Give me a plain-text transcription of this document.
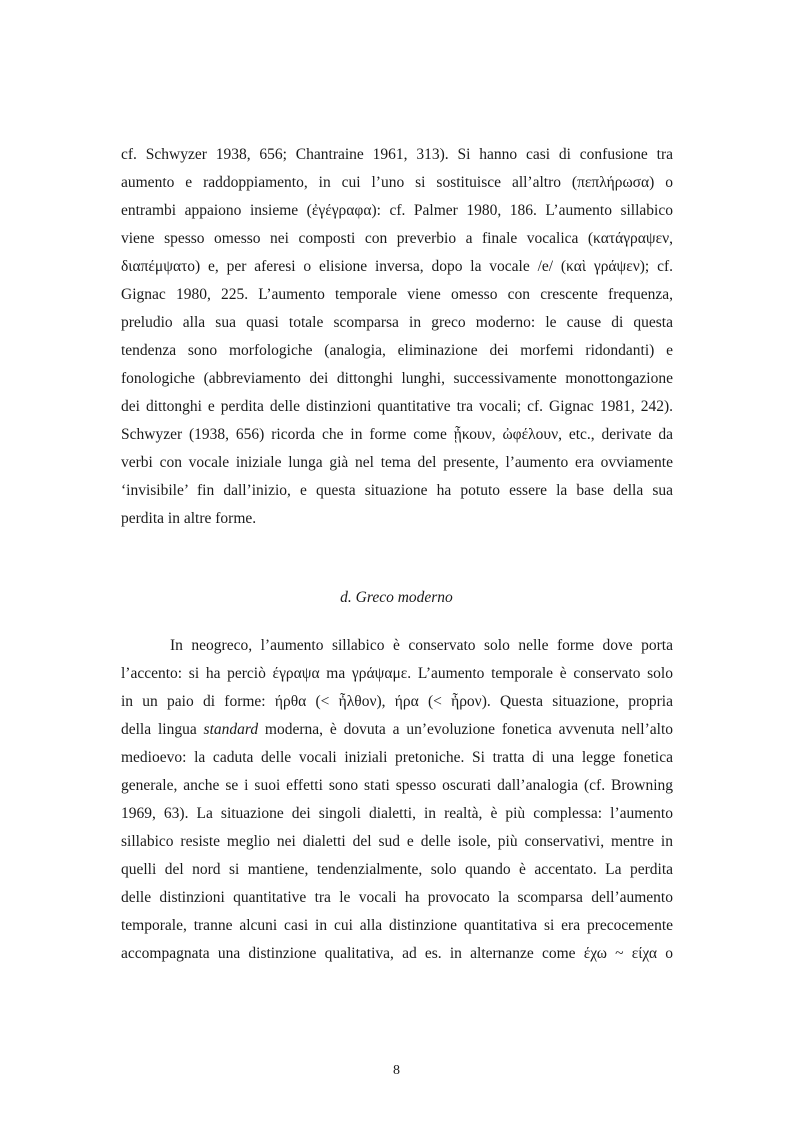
cf. Schwyzer 1938, 656; Chantraine 1961, 313). Si hanno casi di confusione tra
aumento e raddoppiamento, in cui l’uno si sostituisce all’altro (πεπλήρωσα) o
entrambi appaiono insieme (ἐγέγραφα): cf. Palmer 1980, 186. L’aumento sillabico
viene spesso omesso nei composti con preverbio a finale vocalica (κατάγραψεν,
διαπέμψατο) e, per aferesi o elisione inversa, dopo la vocale /e/ (καὶ γράψεν); cf.
Gignac 1980, 225. L’aumento temporale viene omesso con crescente frequenza,
preludio alla sua quasi totale scomparsa in greco moderno: le cause di questa
tendenza sono morfologiche (analogia, eliminazione dei morfemi ridondanti) e
fonologiche (abbreviamento dei dittonghi lunghi, successivamente monottongazione
dei dittonghi e perdita delle distinzioni quantitative tra vocali; cf. Gignac 1981, 242).
Schwyzer (1938, 656) ricorda che in forme come ᾖκουν, ὠφέλουν, etc., derivate da
verbi con vocale iniziale lunga già nel tema del presente, l’aumento era ovviamente
‘invisibile’ fin dall’inizio, e questa situazione ha potuto essere la base della sua
perdita in altre forme.
d. Greco moderno
In neogreco, l’aumento sillabico è conservato solo nelle forme dove porta
l’accento: si ha perciò έγραψα ma γράψαμε. L’aumento temporale è conservato solo
in un paio di forme: ήρθα (< ἦλθον), ήρα (< ἦρον). Questa situazione, propria
della lingua standard moderna, è dovuta a un’evoluzione fonetica avvenuta nell’alto
medioevo: la caduta delle vocali iniziali pretoniche. Si tratta di una legge fonetica
generale, anche se i suoi effetti sono stati spesso oscurati dall’analogia (cf. Browning
1969, 63). La situazione dei singoli dialetti, in realtà, è più complessa: l’aumento
sillabico resiste meglio nei dialetti del sud e delle isole, più conservativi, mentre in
quelli del nord si mantiene, tendenzialmente, solo quando è accentato. La perdita
delle distinzioni quantitative tra le vocali ha provocato la scomparsa dell’aumento
temporale, tranne alcuni casi in cui alla distinzione quantitativa si era precocemente
accompagnata una distinzione qualitativa, ad es. in alternanze come έχω ~ είχα o
8
